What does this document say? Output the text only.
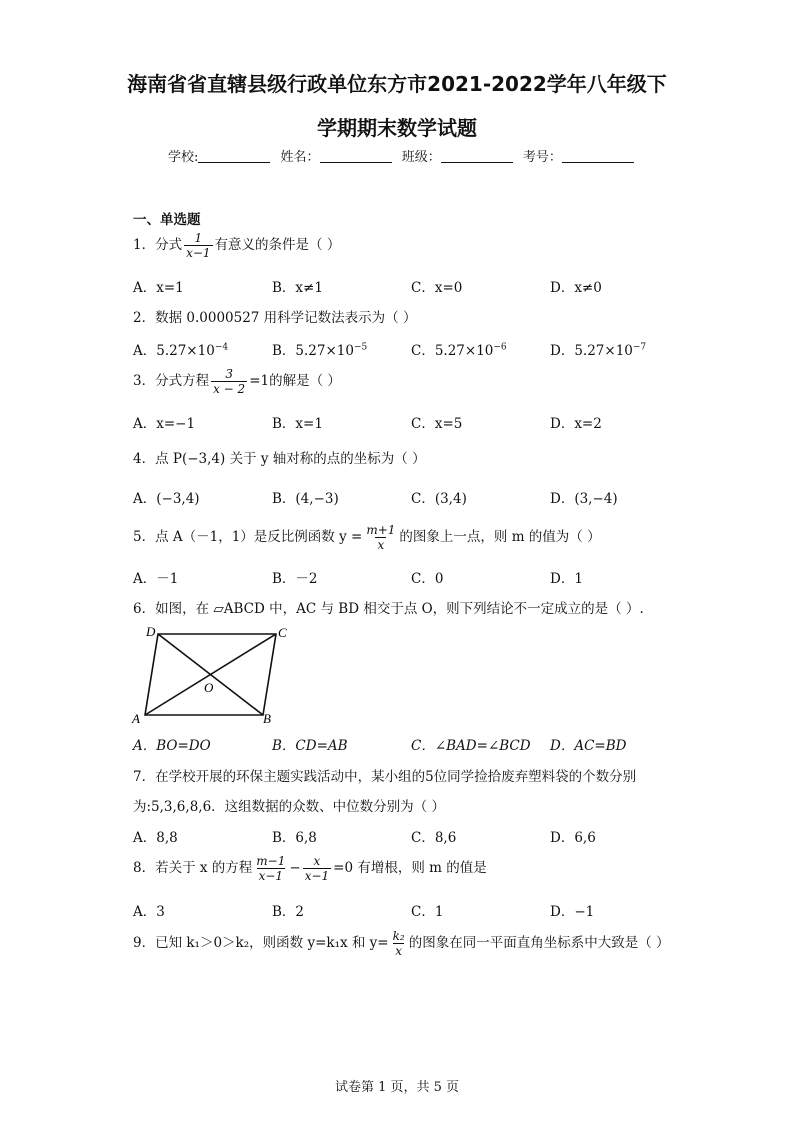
海南省省直辖县级行政单位东方市2021-2022学年八年级下
学期期末数学试题
学校:	姓名：	班级：	考号：
一、单选题
1．分式 $\frac{1}{x-1}$ 有意义的条件是（ ）
A．x=1	B．x≠1	C．x=0	D．x≠0
2．数据 0.0000527 用科学记数法表示为（ ）
A．$5.27\times 10^{-4}$	B．$5.27\times 10^{-5}$	C．$5.27\times 10^{-6}$	D．$5.27\times 10^{-7}$
3．分式方程 $\frac{3}{x - 2} =1$的解是（ ）
A．x=−1	B．x=1	C．x=5	D．x=2
4．点 P(−3,4) 关于 y 轴对称的点的坐标为（ ）
A．(−3,4)	B．(4,−3)	C．(3,4)	D．(3,−4)
5．点 A（－1，1）是反比例函数 $y = \frac{m+1}{x}$ 的图象上一点，则 m 的值为（ ）
A．－1	B．－2	C．0	D．1
6．如图，在 ▱ABCD 中，AC 与 BD 相交于点 O，则下列结论不一定成立的是（ ）.
D	C
A	B
O
A．BO=DO	B．CD=AB	C．∠BAD=∠BCD D．AC=BD
7．在学校开展的环保主题实践活动中，某小组的5位同学捡拾废弃塑料袋的个数分别
为:5,3,6,8,6．这组数据的众数、中位数分别为（ ）
A．8,8	B．6,8	C．8,6	D．6,6
8．若关于 x 的方程 $\frac{m-1}{x-1} - \frac{x}{x-1} =0$ 有增根，则 m 的值是
A．3	B．2	C．1	D．−1
9．已知 k₁＞0＞k₂，则函数 y=k₁x 和 $y= \frac{\text{k₂}}{x}$ 的图象在同一平面直角坐标系中大致是（ ）
试卷第 1 页，共 5 页
